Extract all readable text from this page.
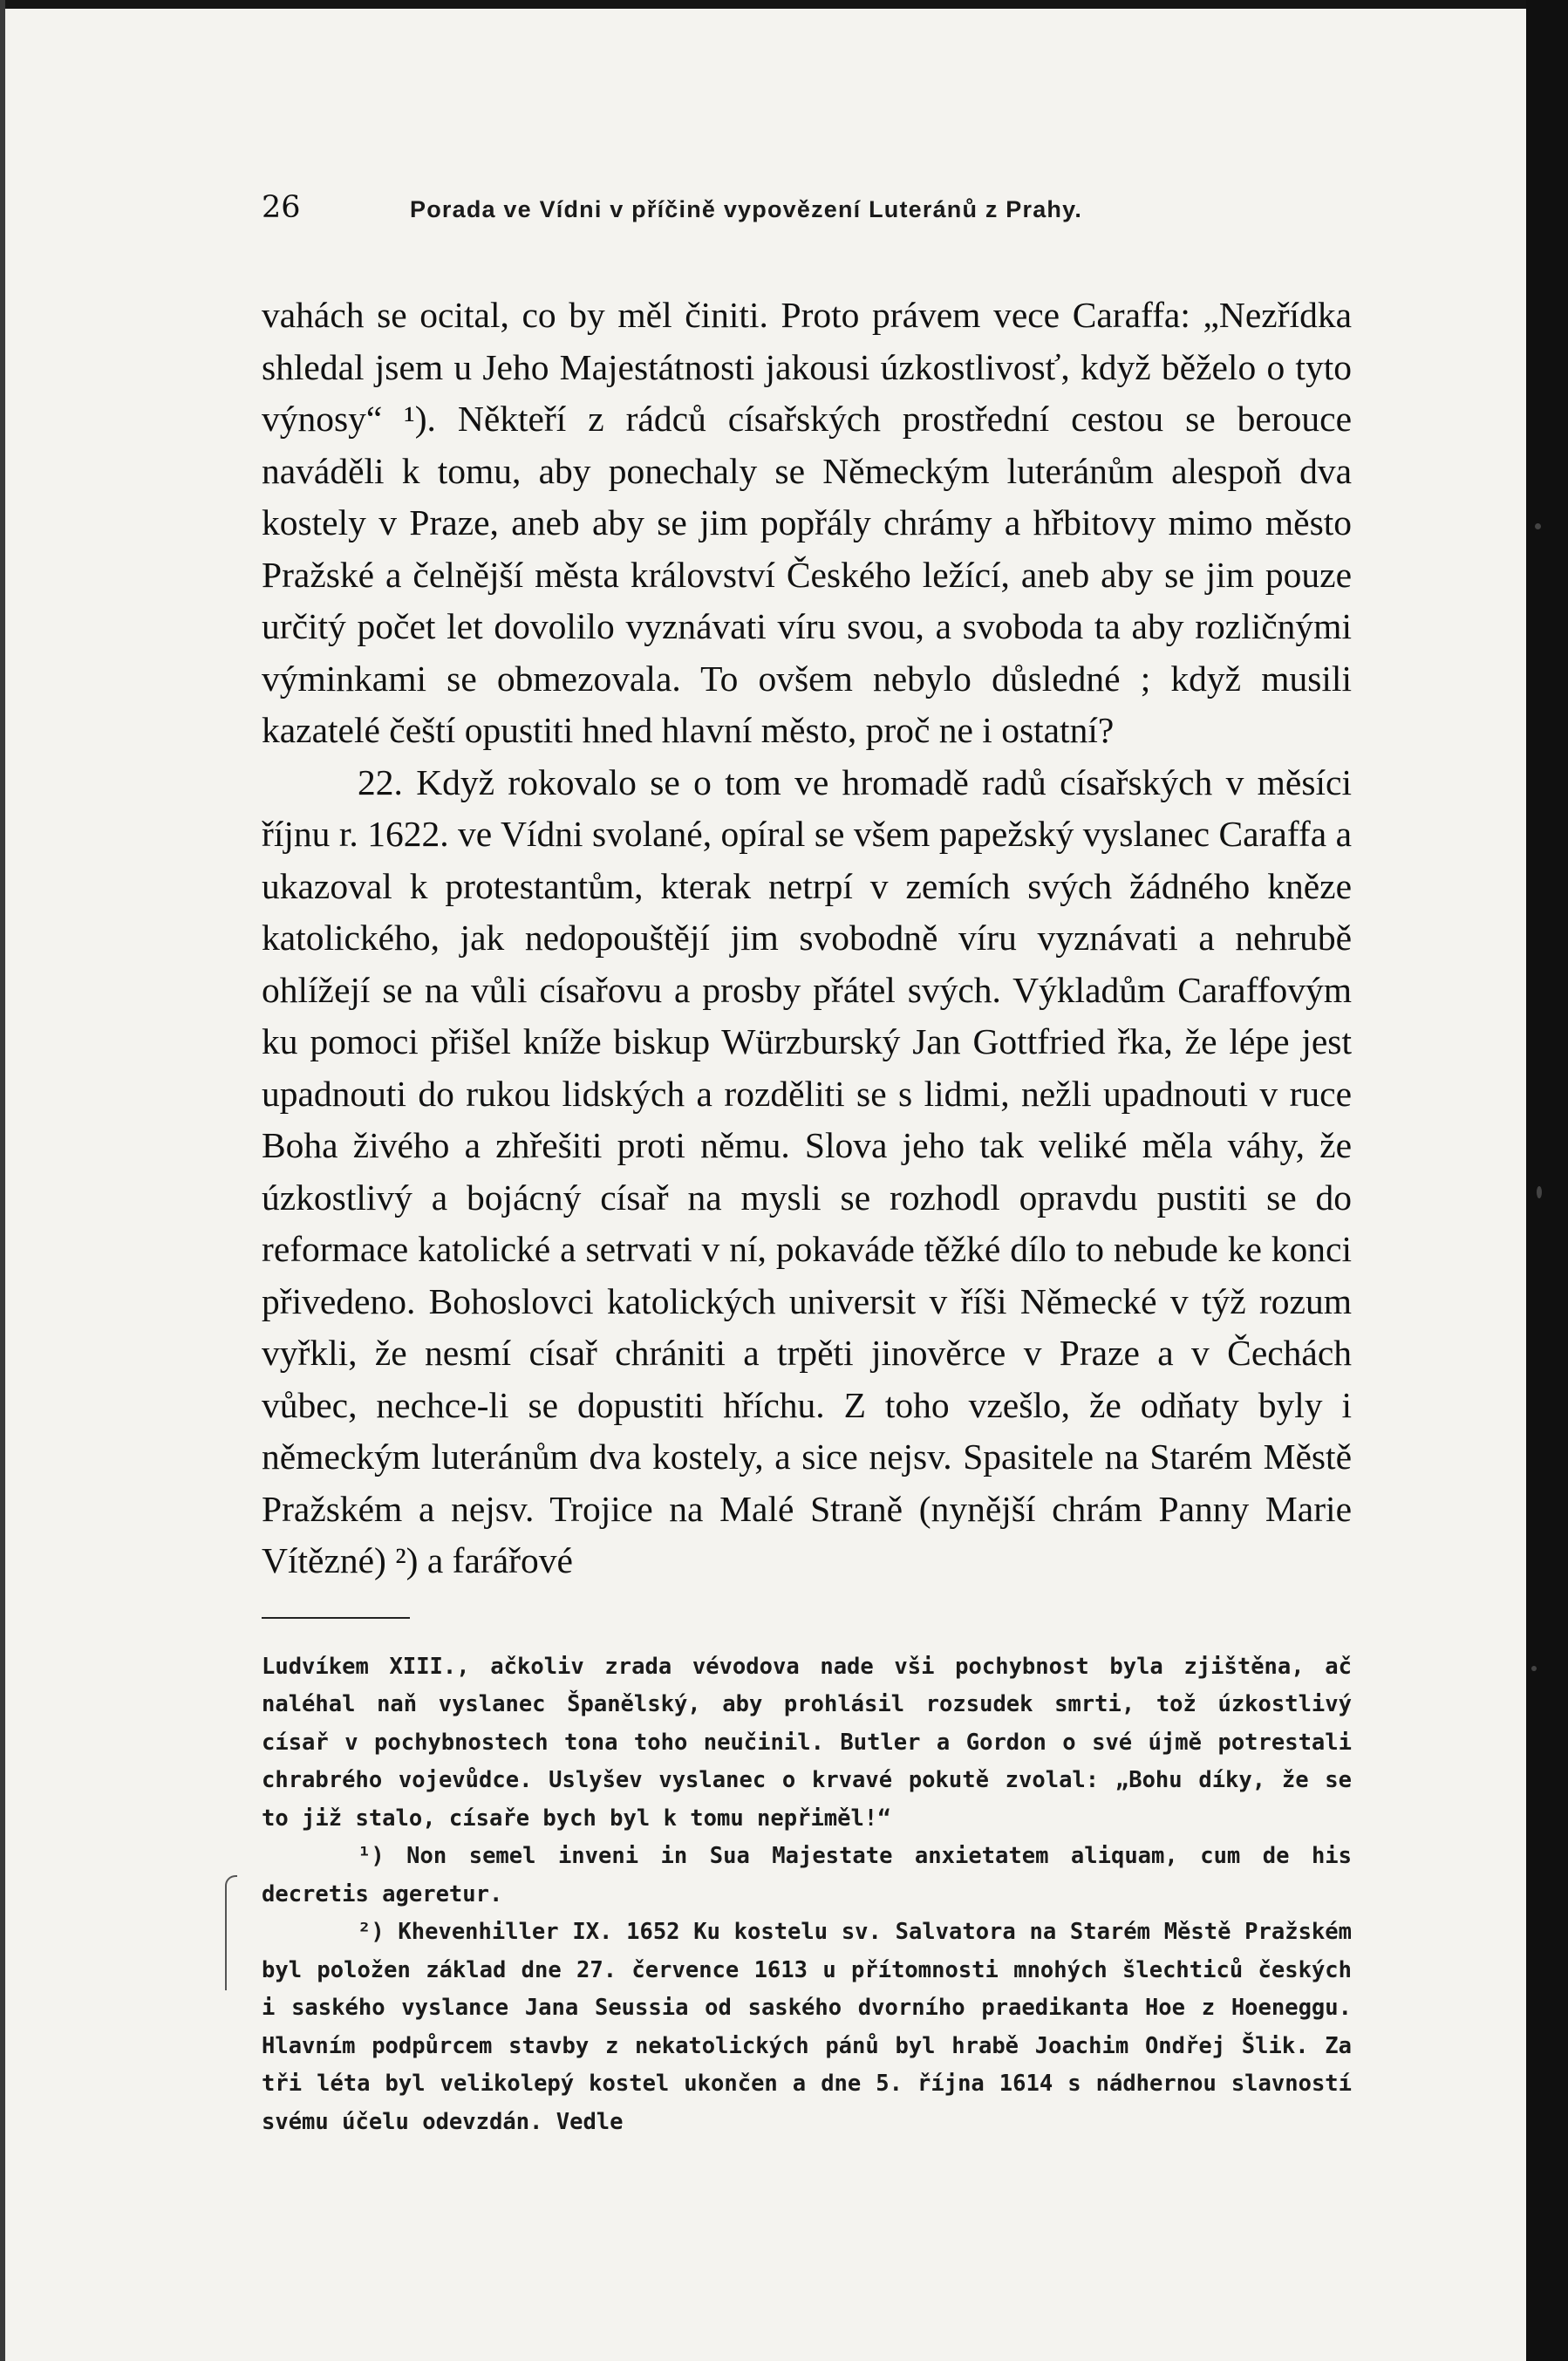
26	Porada ve Vídni v příčině vypovězení Luteránů z Prahy.

vahách se ocital, co by měl činiti. Proto právem vece Caraffa: „Nezřídka shledal jsem u Jeho Majestátnosti jakousi úzkostlivosť, když běželo o tyto výnosy“ ¹). Někteří z rádců císařských prostřední cestou se berouce naváděli k tomu, aby ponechaly se Německým luteránům alespoň dva kostely v Praze, aneb aby se jim popřály chrámy a hřbitovy mimo město Pražské a čelnější města království Českého ležící, aneb aby se jim pouze určitý počet let dovolilo vyznávati víru svou, a svoboda ta aby rozličnými výminkami se obmezovala. To ovšem nebylo důsledné ; když musili kazatelé čeští opustiti hned hlavní město, proč ne i ostatní?

22. Když rokovalo se o tom ve hromadě radů císařských v měsíci říjnu r. 1622. ve Vídni svolané, opíral se všem papežský vyslanec Caraffa a ukazoval k protestantům, kterak netrpí v zemích svých žádného kněze katolického, jak nedopouštějí jim svobodně víru vyznávati a nehrubě ohlížejí se na vůli císařovu a prosby přátel svých. Výkladům Caraffovým ku pomoci přišel kníže biskup Würzburský Jan Gottfried řka, že lépe jest upadnouti do rukou lidských a rozděliti se s lidmi, nežli upadnouti v ruce Boha živého a zhřešiti proti němu. Slova jeho tak veliké měla váhy, že úzkostlivý a bojácný císař na mysli se rozhodl opravdu pustiti se do reformace katolické a setrvati v ní, pokaváde těžké dílo to nebude ke konci přivedeno. Bohoslovci katolických universit v říši Německé v týž rozum vyřkli, že nesmí císař chrániti a trpěti jinověrce v Praze a v Čechách vůbec, nechce-li se dopustiti hříchu. Z toho vzešlo, že odňaty byly i německým luteránům dva kostely, a sice nejsv. Spasitele na Starém Městě Pražském a nejsv. Trojice na Malé Straně (nynější chrám Panny Marie Vítězné) ²) a farářové

Ludvíkem XIII., ačkoliv zrada vévodova nade vši pochybnost byla zjištěna, ač naléhal naň vyslanec Španělský, aby prohlásil rozsudek smrti, tož úzkostlivý císař v pochybnostech tona toho neučinil. Butler a Gordon o své újmě potrestali chrabrého vojevůdce. Uslyšev vyslanec o krvavé pokutě zvolal: „Bohu díky, že se to již stalo, císaře bych byl k tomu nepřiměl!“

¹) Non semel inveni in Sua Majestate anxietatem aliquam, cum de his decretis ageretur.

²) Khevenhiller IX. 1652 Ku kostelu sv. Salvatora na Starém Městě Pražském byl položen základ dne 27. července 1613 u přítomnosti mnohých šlechticů českých i saského vyslance Jana Seussia od saského dvorního praedikanta Hoe z Hoeneggu. Hlavním podpůrcem stavby z nekatolických pánů byl hrabě Joachim Ondřej Šlik. Za tři léta byl velikolepý kostel ukončen a dne 5. října 1614 s nádhernou slavností svému účelu odevzdán. Vedle
